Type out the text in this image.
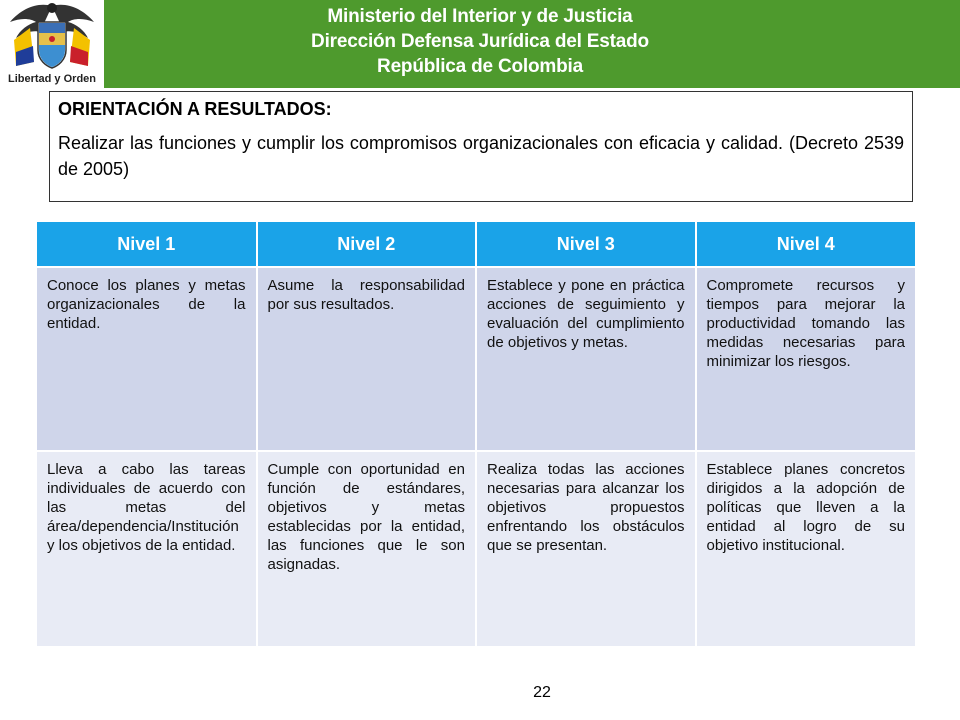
Libertad y Orden
Ministerio del Interior y de Justicia
Dirección Defensa Jurídica del Estado
República de Colombia

ORIENTACIÓN A RESULTADOS:

Realizar las funciones y cumplir los compromisos organizacionales con eficacia y calidad. (Decreto 2539 de 2005)

Nivel 1	Nivel 2	Nivel 3	Nivel 4
Conoce los planes y metas organizacionales de la entidad.	Asume la responsabilidad por sus resultados.	Establece y pone en práctica acciones de seguimiento y evaluación del cumplimiento de objetivos y metas.	Compromete recursos y tiempos para mejorar la productividad tomando las medidas necesarias para minimizar los riesgos.
Lleva a cabo las tareas individuales de acuerdo con las metas del área/dependencia/Institución y los objetivos de la entidad.	Cumple con oportunidad en función de estándares, objetivos y metas establecidas por la entidad, las funciones que le son asignadas.	Realiza todas las acciones necesarias para alcanzar los objetivos propuestos enfrentando los obstáculos que se presentan.	Establece planes concretos dirigidos a la adopción de políticas que lleven a la entidad al logro de su objetivo institucional.
22
